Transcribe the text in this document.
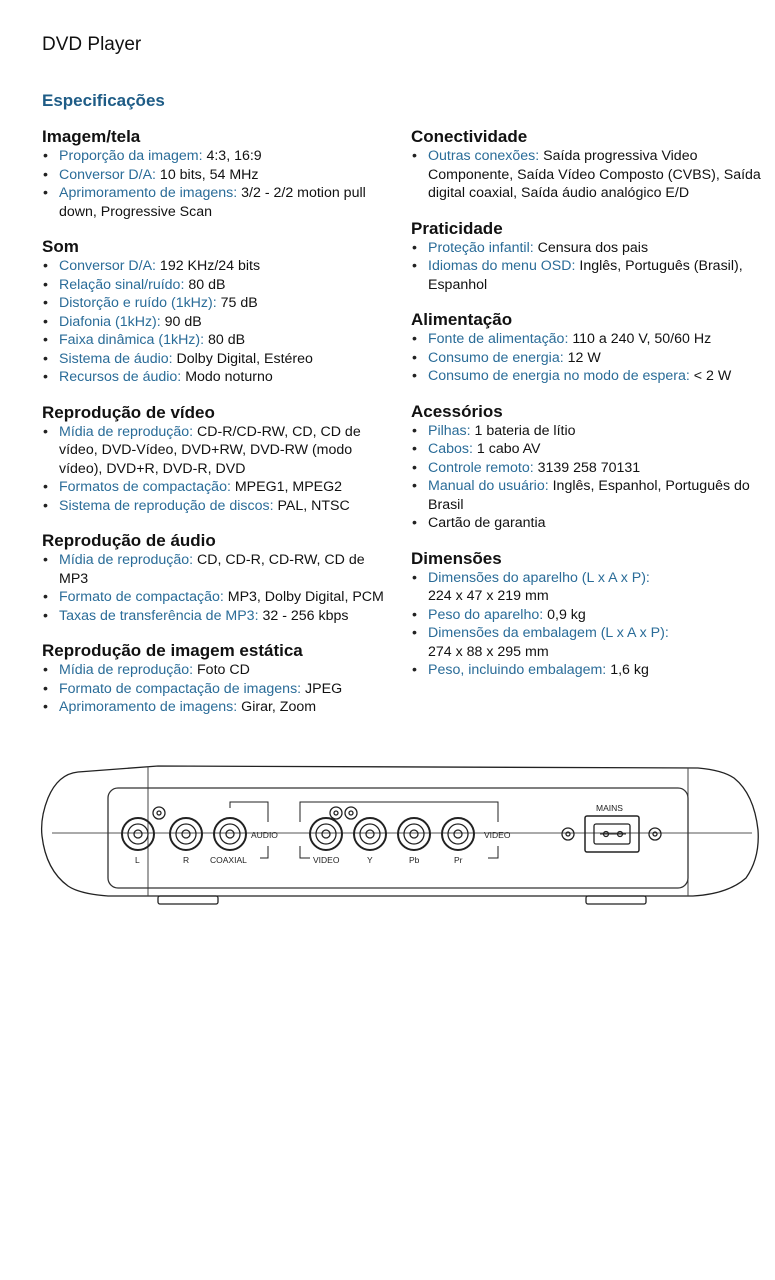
DVD Player
Especificações
Imagem/tela
• Proporção da imagem: 4:3, 16:9
• Conversor D/A: 10 bits, 54 MHz
• Aprimoramento de imagens: 3/2 - 2/2 motion pull down, Progressive Scan
Som
• Conversor D/A: 192 KHz/24 bits
• Relação sinal/ruído: 80 dB
• Distorção e ruído (1kHz): 75 dB
• Diafonia (1kHz): 90 dB
• Faixa dinâmica (1kHz): 80 dB
• Sistema de áudio: Dolby Digital, Estéreo
• Recursos de áudio: Modo noturno
Reprodução de vídeo
• Mídia de reprodução: CD-R/CD-RW, CD, CD de vídeo, DVD-Vídeo, DVD+RW, DVD-RW (modo vídeo), DVD+R, DVD-R, DVD
• Formatos de compactação: MPEG1, MPEG2
• Sistema de reprodução de discos: PAL, NTSC
Reprodução de áudio
• Mídia de reprodução: CD, CD-R, CD-RW, CD de MP3
• Formato de compactação: MP3, Dolby Digital, PCM
• Taxas de transferência de MP3: 32 - 256 kbps
Reprodução de imagem estática
• Mídia de reprodução: Foto CD
• Formato de compactação de imagens: JPEG
• Aprimoramento de imagens: Girar, Zoom
Conectividade
• Outras conexões: Saída progressiva Video Componente, Saída Vídeo Composto (CVBS), Saída digital coaxial, Saída áudio analógico E/D
Praticidade
• Proteção infantil: Censura dos pais
• Idiomas do menu OSD: Inglês, Português (Brasil), Espanhol
Alimentação
• Fonte de alimentação: 110 a 240 V, 50/60 Hz
• Consumo de energia: 12 W
• Consumo de energia no modo de espera: < 2 W
Acessórios
• Pilhas: 1 bateria de lítio
• Cabos: 1 cabo AV
• Controle remoto: 3139 258 70131
• Manual do usuário: Inglês, Espanhol, Português do Brasil
• Cartão de garantia
Dimensões
• Dimensões do aparelho (L x A x P):
224 x 47 x 219 mm
• Peso do aparelho: 0,9 kg
• Dimensões da embalagem (L x A x P):
274 x 88 x 295 mm
• Peso, incluindo embalagem: 1,6 kg
AUDIO	VIDEO
L	R COAXIAL	VIDEO	Y	Pb	Pr
MAINS
